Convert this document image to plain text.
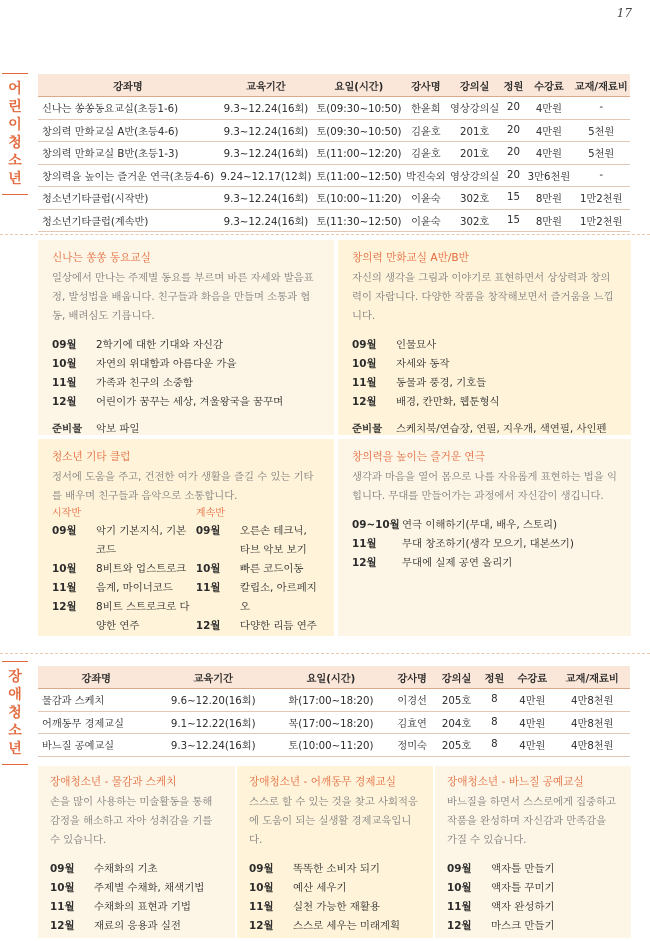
17
어린이청소년
강좌명	교육기간	요일(시간)	강사명	강의실	정원	수강료	교재/재료비
신나는 쏭쏭동요교실(초등1-6)	9.3~12.24(16회)	토(09:30~10:50)	한윤희	영상강의실	20	4만원	-
창의력 만화교실 A반(초등4-6)	9.3~12.24(16회)	토(09:30~10:50)	김윤호	201호	20	4만원	5천원
창의력 만화교실 B반(초등1-3)	9.3~12.24(16회)	토(11:00~12:20)	김윤호	201호	20	4만원	5천원
창의력을 높이는 즐거운 연극(초등4-6)	9.24~12.17(12회)	토(11:00~12:50)	박진숙외	영상강의실	20	3만6천원	-
청소년기타클럽(시작반)	9.3~12.24(16회)	토(10:00~11:20)	이윤숙	302호	15	8만원	1만2천원
청소년기타클럽(계속반)	9.3~12.24(16회)	토(11:30~12:50)	이윤숙	302호	15	8만원	1만2천원
신나는 쏭쏭 동요교실

일상에서 만나는 주제별 동요를 부르며 바른 자세와 발음표 정, 발성법을 배웁니다. 친구들과 화음을 만들며 소통과 협동, 배려심도 기릅니다.

09월	2학기에 대한 기대와 자신감
10월	자연의 위대함과 아름다운 가을
11월	가족과 친구의 소중함
12월	어린이가 꿈꾸는 세상, 겨울왕국을 꿈꾸며
준비물	악보 파일
창의력 만화교실 A반/B반

자신의 생각을 그림과 이야기로 표현하면서 상상력과 창의력이 자랍니다. 다양한 작품을 창작해보면서 즐거움을 느낍니다.

09월	인물묘사
10월	자세와 동작
11월	동물과 풍경, 기호들
12월	배경, 칸만화, 웹툰형식
준비물	스케치북/연습장, 연필, 지우개, 색연필, 사인펜
청소년 기타 클럽

정서에 도움을 주고, 건전한 여가 생활을 즐길 수 있는 기타를 배우며 친구들과 음악으로 소통합니다.

시작반
09월	악기 기본지식, 기본 코드
10월	8비트와 업스트로크
11월	음계, 마이너코드
12월	8비트 스트로크로 다양한 연주
계속반
09월	오른손 테크닉, 타브 악보 보기
10월	빠른 코드이동
11월	칼립소, 아르페지오
12월	다양한 리듬 연주
창의력을 높이는 즐거운 연극

생각과 마음을 열어 몸으로 나를 자유롭게 표현하는 법을 익힙니다. 무대를 만들어가는 과정에서 자신감이 생깁니다.

09~10월 연극 이해하기(무대, 배우, 스토리)
11월	무대 창조하기(생각 모으기, 대본쓰기)
12월	무대에 실제 공연 올리기
장애청소년
강좌명	교육기간	요일(시간)	강사명	강의실	정원	수강료	교재/재료비
물감과 스케치	9.6~12.20(16회)	화(17:00~18:20)	이경선	205호	8	4만원	4만8천원
어깨동무 경제교실	9.1~12.22(16회)	목(17:00~18:20)	김효연	204호	8	4만원	4만8천원
바느질 공예교실	9.3~12.24(16회)	토(10:00~11:20)	정미숙	205호	8	4만원	4만8천원
장애청소년 - 물감과 스케치

손을 많이 사용하는 미술활동을 통해 감정을 해소하고 자아 성취감을 기를 수 있습니다.

09월	수채화의 기초
10월	주제별 수채화, 채색기법
11월	수채화의 표현과 기법
12월	재료의 응용과 실전
장애청소년 - 어깨동무 경제교실

스스로 할 수 있는 것을 찾고 사회적응에 도움이 되는 실생활 경제교육입니다.

09월	똑똑한 소비자 되기
10월	예산 세우기
11월	실천 가능한 재활용
12월	스스로 세우는 미래계획
장애청소년 - 바느질 공예교실

바느질을 하면서 스스로에게 집중하고 작품을 완성하며 자신감과 만족감을 가질 수 있습니다.

09월	액자틀 만들기
10월	액자틀 꾸미기
11월	액자 완성하기
12월	마스크 만들기
